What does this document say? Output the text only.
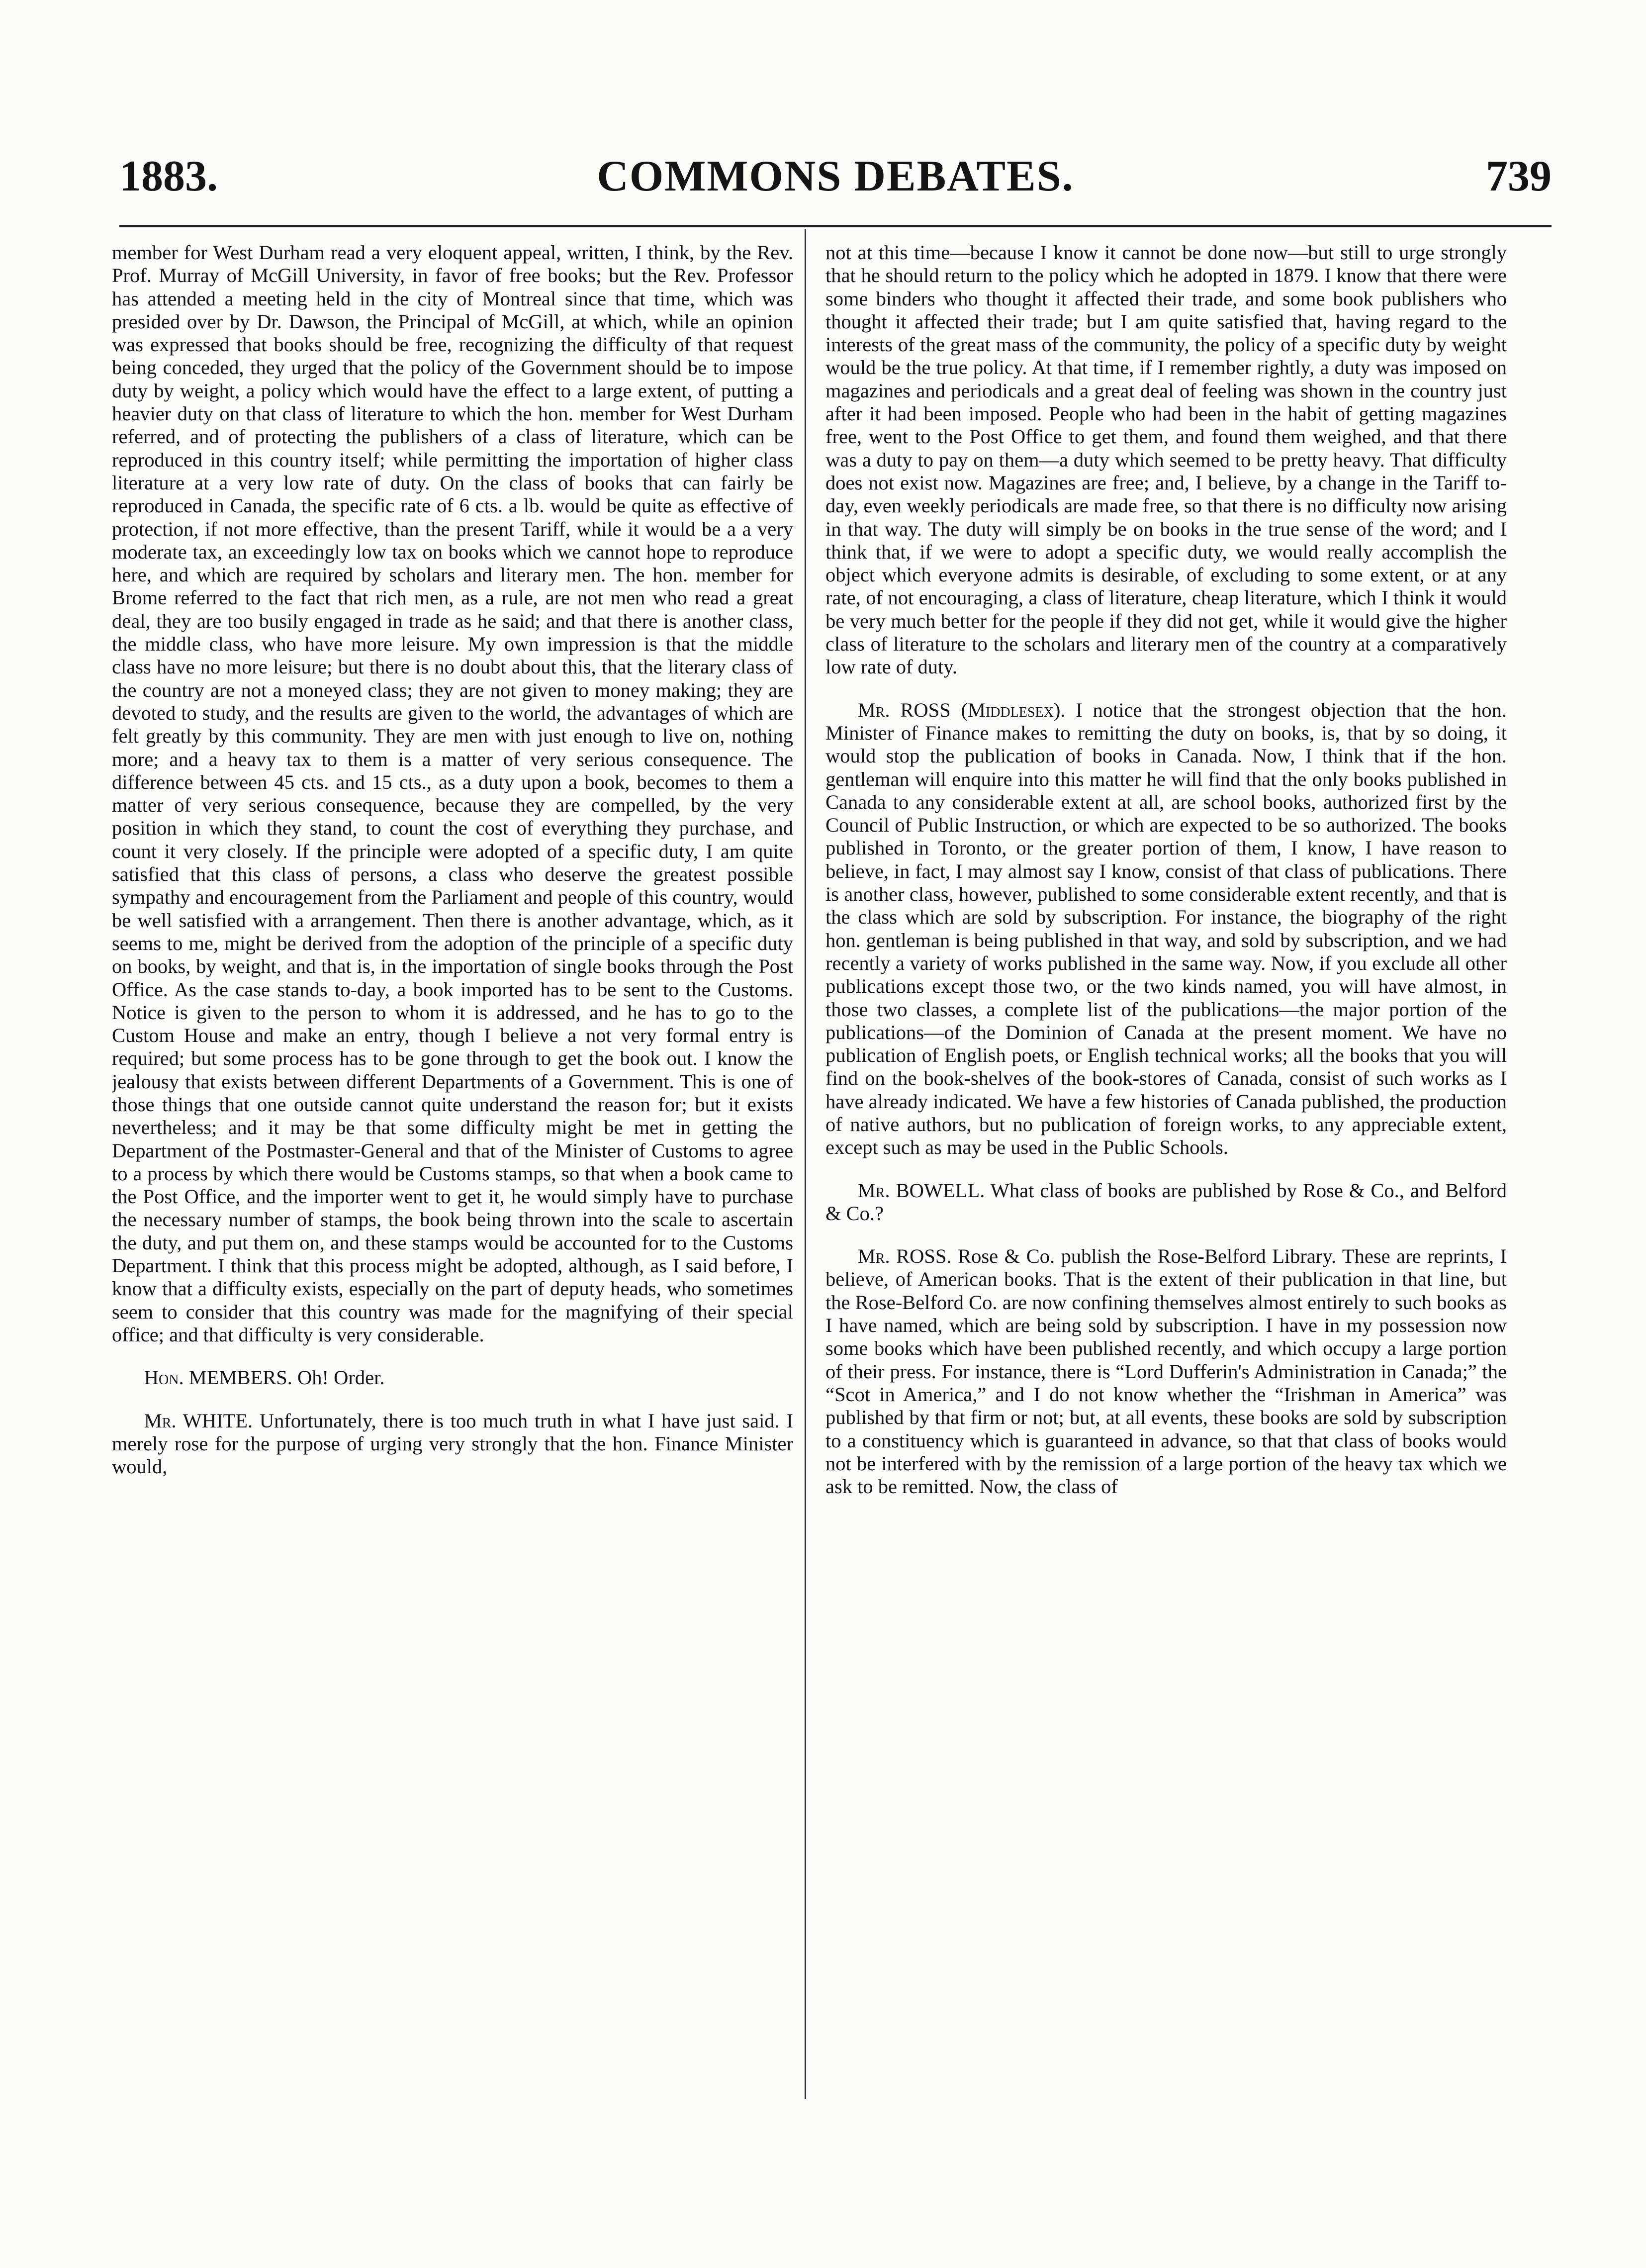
COMMONS DEBATES.
1883.	739

member for West Durham read a very eloquent appeal, written, I think, by the Rev. Prof. Murray of McGill University, in favor of free books; but the Rev. Professor has attended a meeting held in the city of Montreal since that time, which was presided over by Dr. Dawson, the Principal of McGill, at which, while an opinion was expressed that books should be free, recognizing the difficulty of that request being conceded, they urged that the policy of the Government should be to impose duty by weight, a policy which would have the effect to a large extent, of putting a heavier duty on that class of literature to which the hon. member for West Durham referred, and of protecting the publishers of a class of literature, which can be reproduced in this country itself; while permitting the importation of higher class literature at a very low rate of duty. On the class of books that can fairly be reproduced in Canada, the specific rate of 6 cts. a lb. would be quite as effective of protection, if not more effective, than the present Tariff, while it would be a a very moderate tax, an exceedingly low tax on books which we cannot hope to reproduce here, and which are required by scholars and literary men. The hon. member for Brome referred to the fact that rich men, as a rule, are not men who read a great deal, they are too busily engaged in trade as he said; and that there is another class, the middle class, who have more leisure. My own impression is that the middle class have no more leisure; but there is no doubt about this, that the literary class of the country are not a moneyed class; they are not given to money making; they are devoted to study, and the results are given to the world, the advantages of which are felt greatly by this community. They are men with just enough to live on, nothing more; and a heavy tax to them is a matter of very serious consequence. The difference between 45 cts. and 15 cts., as a duty upon a book, becomes to them a matter of very serious consequence, because they are compelled, by the very position in which they stand, to count the cost of everything they purchase, and count it very closely. If the principle were adopted of a specific duty, I am quite satisfied that this class of persons, a class who deserve the greatest possible sympathy and encouragement from the Parliament and people of this country, would be well satisfied with a arrangement. Then there is another advantage, which, as it seems to me, might be derived from the adoption of the principle of a specific duty on books, by weight, and that is, in the importation of single books through the Post Office. As the case stands to-day, a book imported has to be sent to the Customs. Notice is given to the person to whom it is addressed, and he has to go to the Custom House and make an entry, though I believe a not very formal entry is required; but some process has to be gone through to get the book out. I know the jealousy that exists between different Departments of a Government. This is one of those things that one outside cannot quite understand the reason for; but it exists nevertheless; and it may be that some difficulty might be met in getting the Department of the Postmaster-General and that of the Minister of Customs to agree to a process by which there would be Customs stamps, so that when a book came to the Post Office, and the importer went to get it, he would simply have to purchase the necessary number of stamps, the book being thrown into the scale to ascertain the duty, and put them on, and these stamps would be accounted for to the Customs Department. I think that this process might be adopted, although, as I said before, I know that a difficulty exists, especially on the part of deputy heads, who sometimes seem to consider that this country was made for the magnifying of their special office; and that difficulty is very considerable.

Hon. MEMBERS. Oh! Order.

Mr. WHITE. Unfortunately, there is too much truth in what I have just said. I merely rose for the purpose of urging very strongly that the hon. Finance Minister would,

not at this time—because I know it cannot be done now—but still to urge strongly that he should return to the policy which he adopted in 1879. I know that there were some binders who thought it affected their trade, and some book publishers who thought it affected their trade; but I am quite satisfied that, having regard to the interests of the great mass of the community, the policy of a specific duty by weight would be the true policy. At that time, if I remember rightly, a duty was imposed on magazines and periodicals and a great deal of feeling was shown in the country just after it had been imposed. People who had been in the habit of getting magazines free, went to the Post Office to get them, and found them weighed, and that there was a duty to pay on them—a duty which seemed to be pretty heavy. That difficulty does not exist now. Magazines are free; and, I believe, by a change in the Tariff to-day, even weekly periodicals are made free, so that there is no difficulty now arising in that way. The duty will simply be on books in the true sense of the word; and I think that, if we were to adopt a specific duty, we would really accomplish the object which everyone admits is desirable, of excluding to some extent, or at any rate, of not encouraging, a class of literature, cheap literature, which I think it would be very much better for the people if they did not get, while it would give the higher class of literature to the scholars and literary men of the country at a comparatively low rate of duty.

Mr. ROSS (Middlesex). I notice that the strongest objection that the hon. Minister of Finance makes to remitting the duty on books, is, that by so doing, it would stop the publication of books in Canada. Now, I think that if the hon. gentleman will enquire into this matter he will find that the only books published in Canada to any considerable extent at all, are school books, authorized first by the Council of Public Instruction, or which are expected to be so authorized. The books published in Toronto, or the greater portion of them, I know, I have reason to believe, in fact, I may almost say I know, consist of that class of publications. There is another class, however, published to some considerable extent recently, and that is the class which are sold by subscription. For instance, the biography of the right hon. gentleman is being published in that way, and sold by subscription, and we had recently a variety of works published in the same way. Now, if you exclude all other publications except those two, or the two kinds named, you will have almost, in those two classes, a complete list of the publications—the major portion of the publications—of the Dominion of Canada at the present moment. We have no publication of English poets, or English technical works; all the books that you will find on the book-shelves of the book-stores of Canada, consist of such works as I have already indicated. We have a few histories of Canada published, the production of native authors, but no publication of foreign works, to any appreciable extent, except such as may be used in the Public Schools.

Mr. BOWELL. What class of books are published by Rose & Co., and Belford & Co.?

Mr. ROSS. Rose & Co. publish the Rose-Belford Library. These are reprints, I believe, of American books. That is the extent of their publication in that line, but the Rose-Belford Co. are now confining themselves almost entirely to such books as I have named, which are being sold by subscription. I have in my possession now some books which have been published recently, and which occupy a large portion of their press. For instance, there is “Lord Dufferin's Administration in Canada;” the “Scot in America,” and I do not know whether the “Irishman in America” was published by that firm or not; but, at all events, these books are sold by subscription to a constituency which is guaranteed in advance, so that that class of books would not be interfered with by the remission of a large portion of the heavy tax which we ask to be remitted. Now, the class of
